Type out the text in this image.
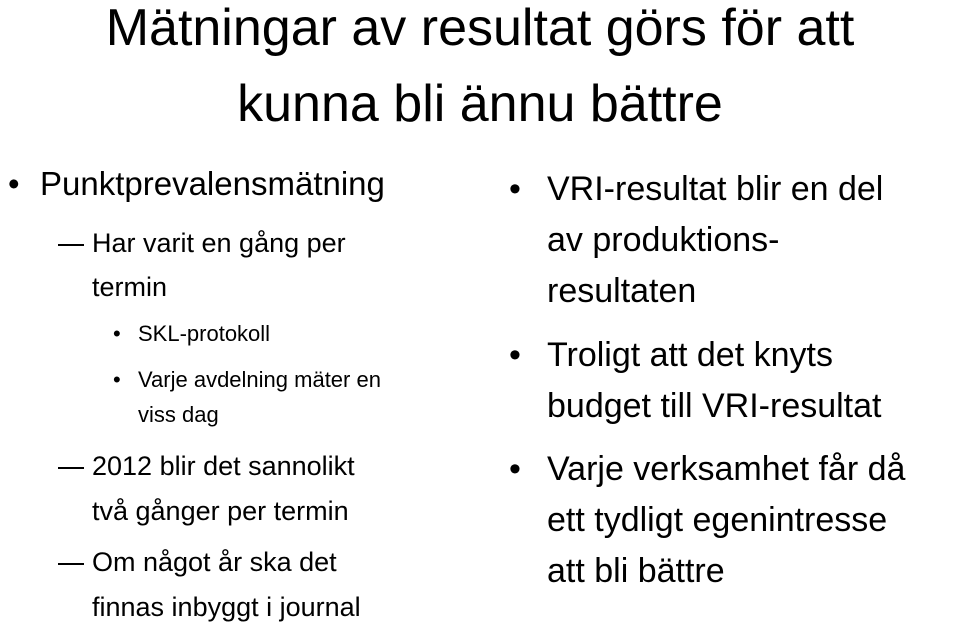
Mätningar av resultat görs för att
kunna bli ännu bättre
• Punktprevalensmätning
Har varit en gång per
termin
• SKL-protokoll
• Varje avdelning mäter en
viss dag
2012 blir det sannolikt
två gånger per termin
Om något år ska det
finnas inbyggt i journal
• VRI-resultat blir en del
av produktions-
resultaten
• Troligt att det knyts
budget till VRI-resultat
• Varje verksamhet får då
ett tydligt egenintresse
att bli bättre
